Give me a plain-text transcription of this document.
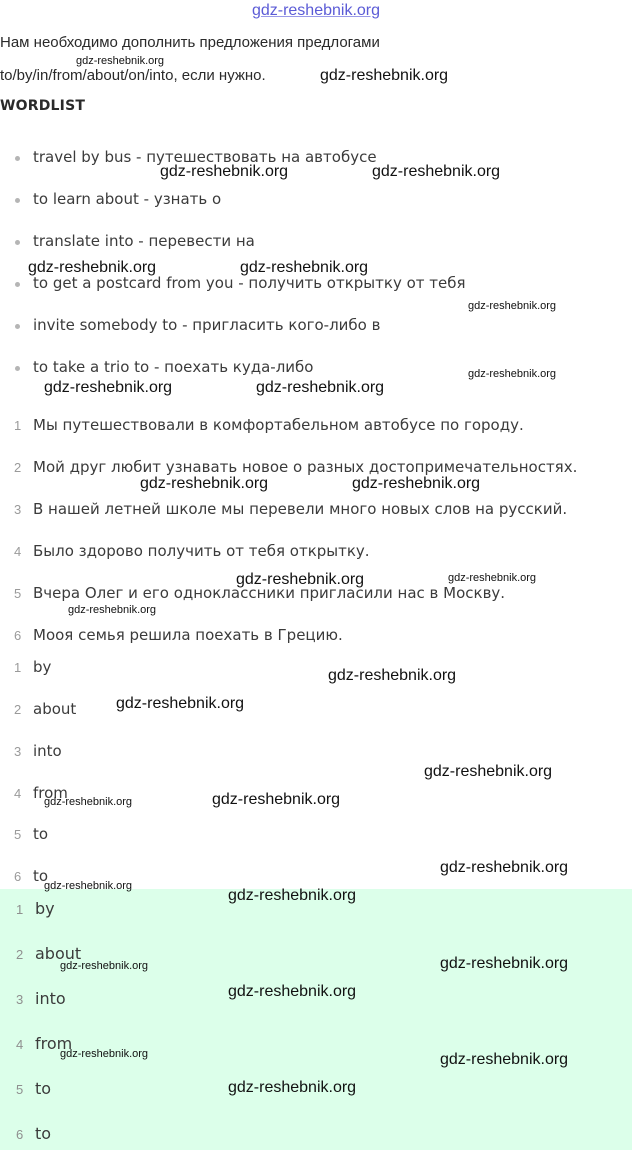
gdz-reshebnik.org
Нам необходимо дополнить предложения предлогами
to/by/in/from/about/on/into, если нужно.
WORDLIST
travel by bus - путешествовать на автобусе
to learn about - узнать о
translate into - перевести на
to get a postcard from you - получить открытку от тебя
invite somebody to - пригласить кого-либо в
to take a trio to - поехать куда-либо
1 Мы путешествовали в комфортабельном автобусе по городу.
2 Мой друг любит узнавать новое о разных достопримечательностях.
3 В нашей летней школе мы перевели много новых слов на русский.
4 Было здорово получить от тебя открытку.
5 Вчера Олег и его одноклассники пригласили нас в Москву.
6 Мооя семья решила поехать в Грецию.
1 by
2 about
3 into
4 from
5 to
6 to
1 by
2 about
3 into
4 from
5 to
6 to
gdz-reshebnik.org
gdz-reshebnik.org
gdz-reshebnik.org	gdz-reshebnik.org
gdz-reshebnik.org	gdz-reshebnik.org
gdz-reshebnik.org
gdz-reshebnik.org
gdz-reshebnik.org	gdz-reshebnik.org
gdz-reshebnik.org	gdz-reshebnik.org
gdz-reshebnik.org	gdz-reshebnik.org
gdz-reshebnik.org
gdz-reshebnik.org
gdz-reshebnik.org
gdz-reshebnik.org
gdz-reshebnik.org	gdz-reshebnik.org
gdz-reshebnik.org
gdz-reshebnik.org
gdz-reshebnik.org
gdz-reshebnik.org	gdz-reshebnik.org
gdz-reshebnik.org
gdz-reshebnik.org	gdz-reshebnik.org
gdz-reshebnik.org
